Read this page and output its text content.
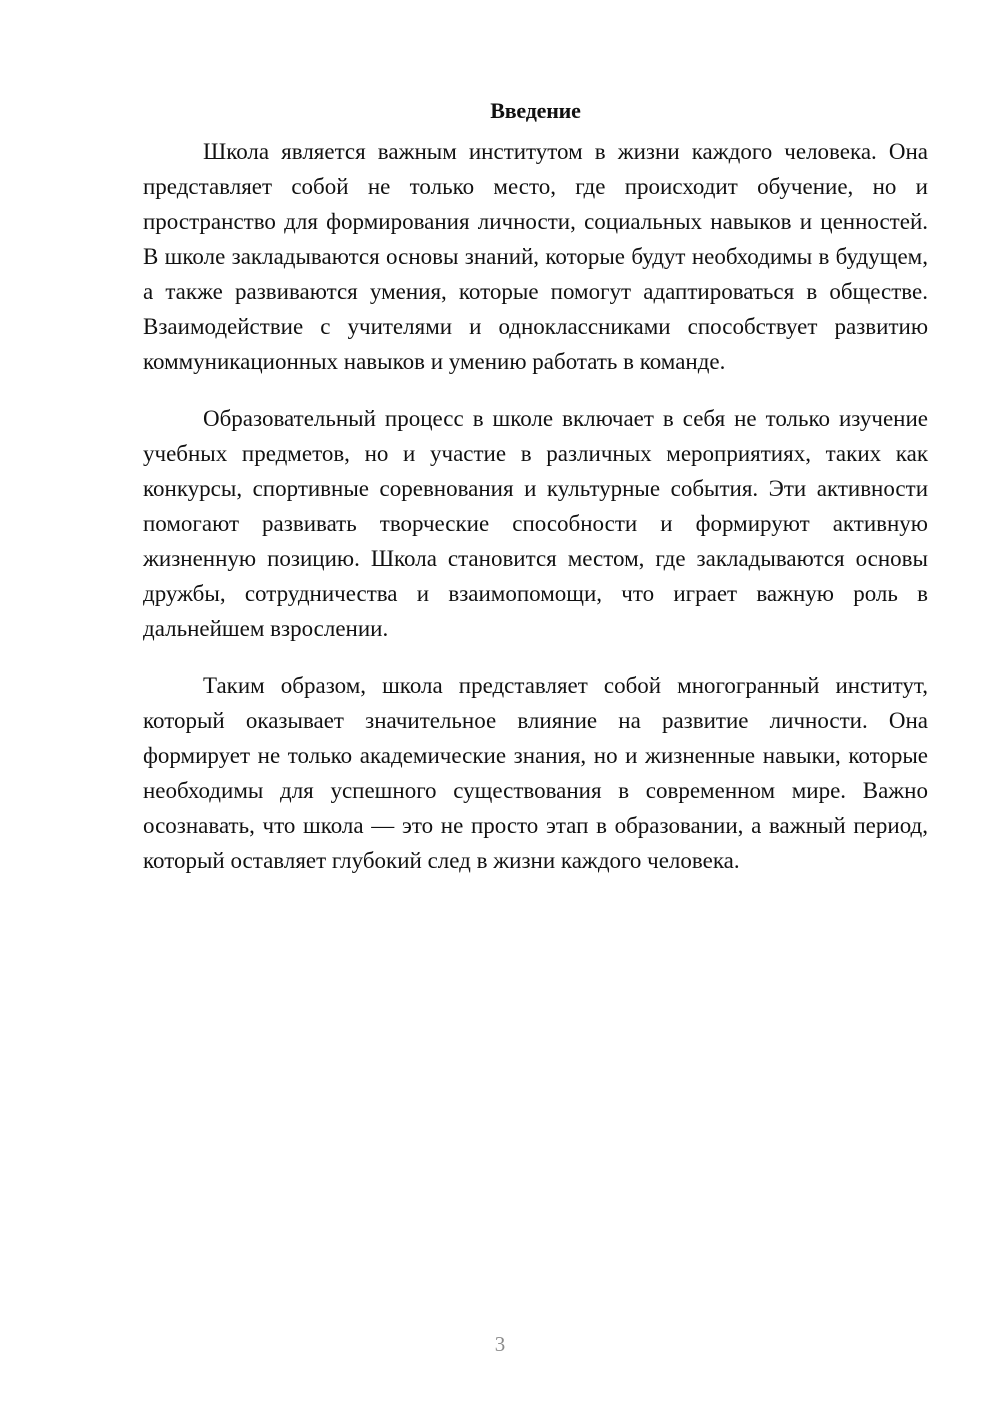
Введение

Школа является важным институтом в жизни каждого человека. Она представляет собой не только место, где происходит обучение, но и пространство для формирования личности, социальных навыков и ценностей. В школе закладываются основы знаний, которые будут необходимы в будущем, а также развиваются умения, которые помогут адаптироваться в обществе. Взаимодействие с учителями и одноклассниками способствует развитию коммуникационных навыков и умению работать в команде.

Образовательный процесс в школе включает в себя не только изучение учебных предметов, но и участие в различных мероприятиях, таких как конкурсы, спортивные соревнования и культурные события. Эти активности помогают развивать творческие способности и формируют активную жизненную позицию. Школа становится местом, где закладываются основы дружбы, сотрудничества и взаимопомощи, что играет важную роль в дальнейшем взрослении.

Таким образом, школа представляет собой многогранный институт, который оказывает значительное влияние на развитие личности. Она формирует не только академические знания, но и жизненные навыки, которые необходимы для успешного существования в современном мире. Важно осознавать, что школа — это не просто этап в образовании, а важный период, который оставляет глубокий след в жизни каждого человека.

3
